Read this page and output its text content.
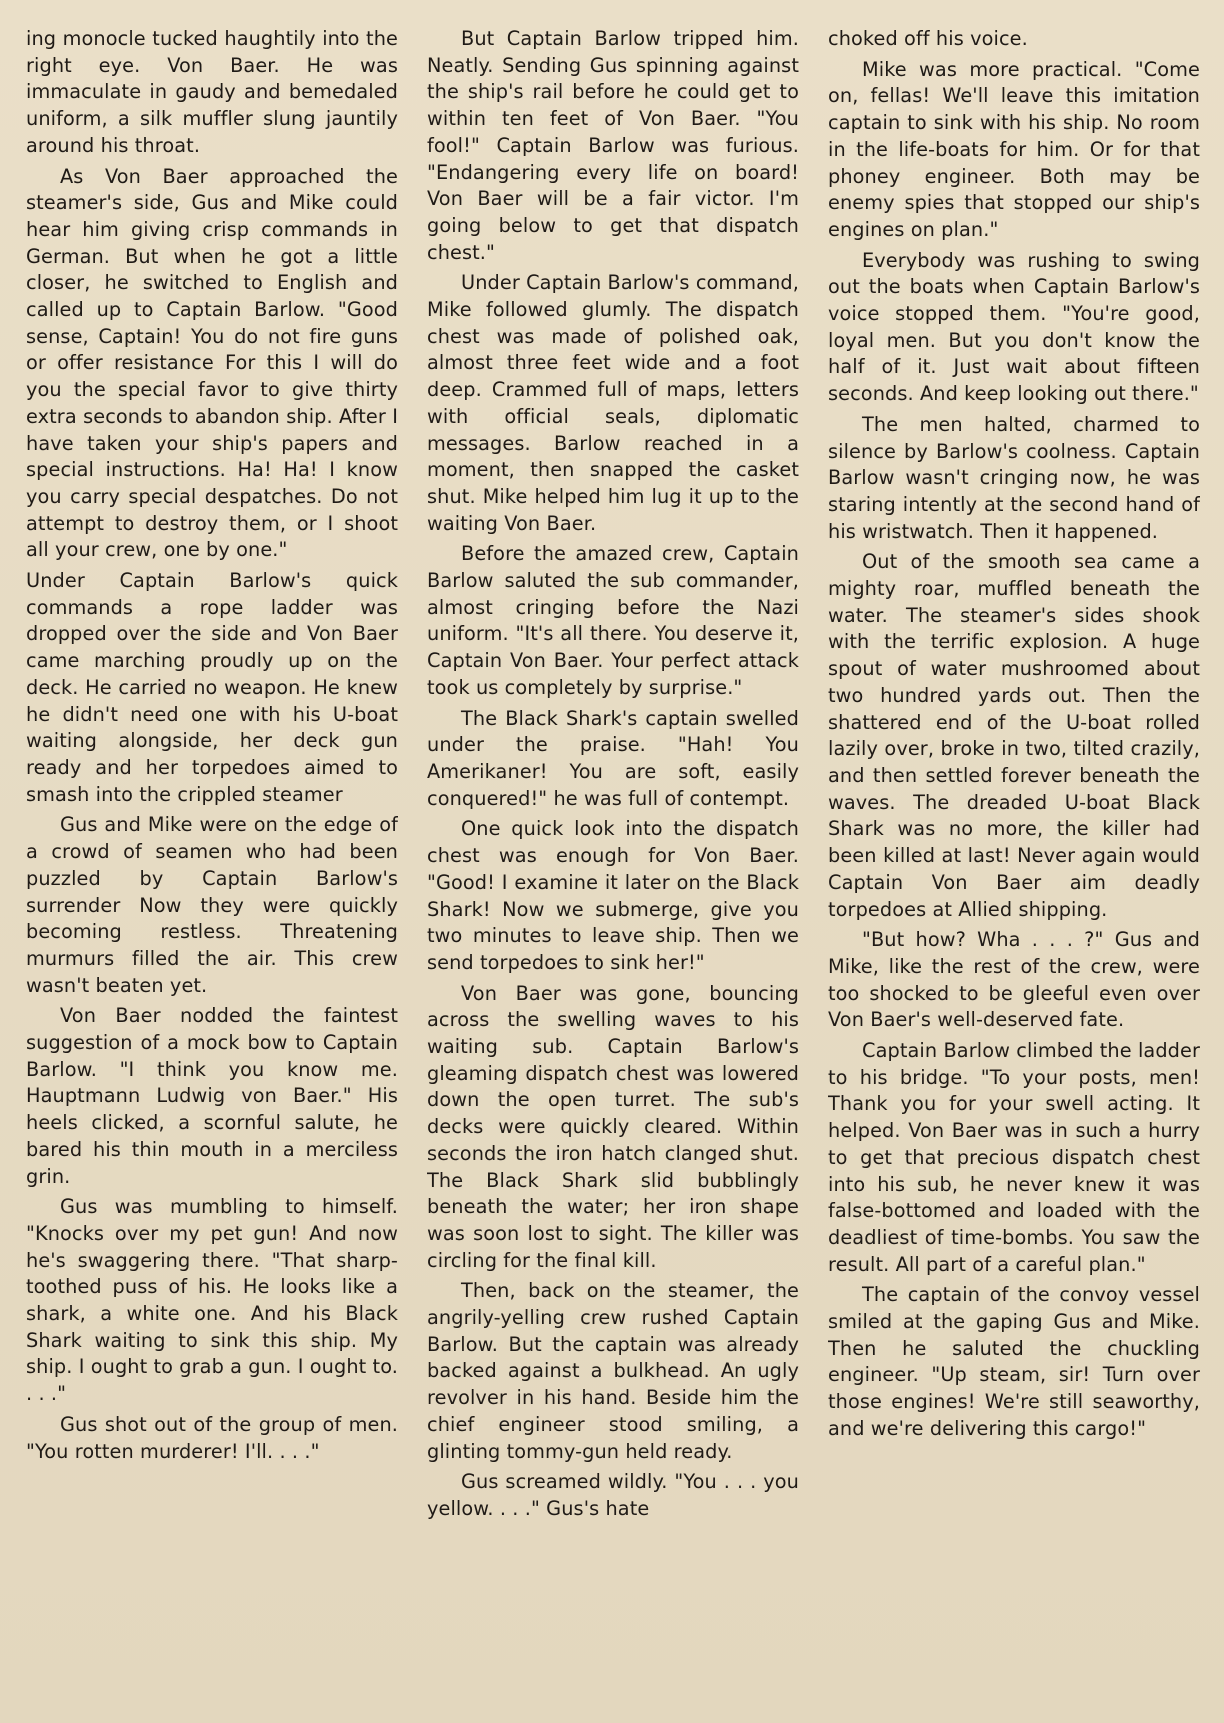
ing monocle tucked haughtily into the right eye. Von Baer. He was immaculate in gaudy and bemedaled uniform, a silk muffler slung jauntily around his throat.

As Von Baer approached the steamer's side, Gus and Mike could hear him giving crisp commands in German. But when he got a little closer, he switched to English and called up to Captain Barlow. "Good sense, Captain! You do not fire guns or offer resistance For this I will do you the special favor to give thirty extra seconds to abandon ship. After I have taken your ship's papers and special instructions. Ha! Ha! I know you carry special despatches. Do not attempt to destroy them, or I shoot all your crew, one by one."

Under Captain Barlow's quick commands a rope ladder was dropped over the side and Von Baer came marching proudly up on the deck. He carried no weapon. He knew he didn't need one with his U-boat waiting alongside, her deck gun ready and her torpedoes aimed to smash into the crippled steamer

Gus and Mike were on the edge of a crowd of seamen who had been puzzled by Captain Barlow's surrender Now they were quickly becoming restless. Threatening murmurs filled the air. This crew wasn't beaten yet.

Von Baer nodded the faintest suggestion of a mock bow to Captain Barlow. "I think you know me. Hauptmann Ludwig von Baer." His heels clicked, a scornful salute, he bared his thin mouth in a merciless grin.

Gus was mumbling to himself. "Knocks over my pet gun! And now he's swaggering there. "That sharp-toothed puss of his. He looks like a shark, a white one. And his Black Shark waiting to sink this ship. My ship. I ought to grab a gun. I ought to. . . ."

Gus shot out of the group of men. "You rotten murderer! I'll. . . ."

But Captain Barlow tripped him. Neatly. Sending Gus spinning against the ship's rail before he could get to within ten feet of Von Baer. "You fool!" Captain Barlow was furious. "Endangering every life on board! Von Baer will be a fair victor. I'm going below to get that dispatch chest."

Under Captain Barlow's command, Mike followed glumly. The dispatch chest was made of polished oak, almost three feet wide and a foot deep. Crammed full of maps, letters with official seals, diplomatic messages. Barlow reached in a moment, then snapped the casket shut. Mike helped him lug it up to the waiting Von Baer.

Before the amazed crew, Captain Barlow saluted the sub commander, almost cringing before the Nazi uniform. "It's all there. You deserve it, Captain Von Baer. Your perfect attack took us completely by surprise."

The Black Shark's captain swelled under the praise. "Hah! You Amerikaner! You are soft, easily conquered!" he was full of contempt.

One quick look into the dispatch chest was enough for Von Baer. "Good! I examine it later on the Black Shark! Now we submerge, give you two minutes to leave ship. Then we send torpedoes to sink her!"

Von Baer was gone, bouncing across the swelling waves to his waiting sub. Captain Barlow's gleaming dispatch chest was lowered down the open turret. The sub's decks were quickly cleared. Within seconds the iron hatch clanged shut. The Black Shark slid bubblingly beneath the water; her iron shape was soon lost to sight. The killer was circling for the final kill.

Then, back on the steamer, the angrily-yelling crew rushed Captain Barlow. But the captain was already backed against a bulkhead. An ugly revolver in his hand. Beside him the chief engineer stood smiling, a glinting tommy-gun held ready.

Gus screamed wildly. "You . . . you yellow. . . ." Gus's hate

choked off his voice.

Mike was more practical. "Come on, fellas! We'll leave this imitation captain to sink with his ship. No room in the life-boats for him. Or for that phoney engineer. Both may be enemy spies that stopped our ship's engines on plan."

Everybody was rushing to swing out the boats when Captain Barlow's voice stopped them. "You're good, loyal men. But you don't know the half of it. Just wait about fifteen seconds. And keep looking out there."

The men halted, charmed to silence by Barlow's coolness. Captain Barlow wasn't cringing now, he was staring intently at the second hand of his wristwatch. Then it happened.

Out of the smooth sea came a mighty roar, muffled beneath the water. The steamer's sides shook with the terrific explosion. A huge spout of water mushroomed about two hundred yards out. Then the shattered end of the U-boat rolled lazily over, broke in two, tilted crazily, and then settled forever beneath the waves. The dreaded U-boat Black Shark was no more, the killer had been killed at last! Never again would Captain Von Baer aim deadly torpedoes at Allied shipping.

"But how? Wha . . . ?" Gus and Mike, like the rest of the crew, were too shocked to be gleeful even over Von Baer's well-deserved fate.

Captain Barlow climbed the ladder to his bridge. "To your posts, men! Thank you for your swell acting. It helped. Von Baer was in such a hurry to get that precious dispatch chest into his sub, he never knew it was false-bottomed and loaded with the deadliest of time-bombs. You saw the result. All part of a careful plan."

The captain of the convoy vessel smiled at the gaping Gus and Mike. Then he saluted the chuckling engineer. "Up steam, sir! Turn over those engines! We're still seaworthy, and we're delivering this cargo!"
